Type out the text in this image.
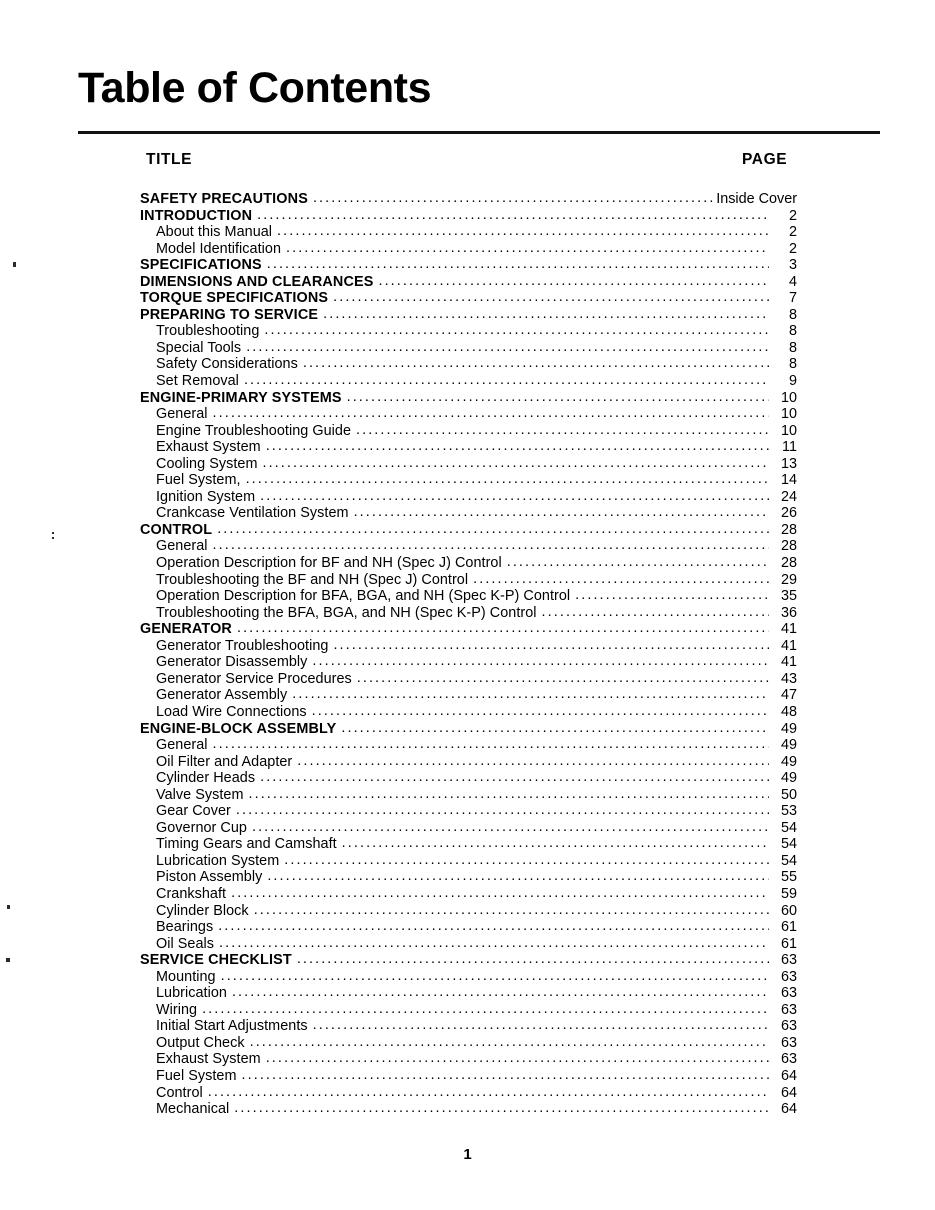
Table of Contents
TITLE	PAGE
SAFETY PRECAUTIONS .....	Inside Cover
INTRODUCTION .....	2
About this Manual .....	2
Model Identification .....	2
SPECIFICATIONS .....	3
DIMENSIONS AND CLEARANCES .....	4
TORQUE SPECIFICATIONS .....	7
PREPARING TO SERVICE .....	8
Troubleshooting .....	8
Special Tools .....	8
Safety Considerations .....	8
Set Removal .....	9
ENGINE-PRIMARY SYSTEMS .....	10
General .....	10
Engine Troubleshooting Guide .....	10
Exhaust System .....	11
Cooling System .....	13
Fuel System, .....	14
Ignition System .....	24
Crankcase Ventilation System .....	26
CONTROL .....	28
General .....	28
Operation Description for BF and NH (Spec J) Control .....	28
Troubleshooting the BF and NH (Spec J) Control .....	29
Operation Description for BFA, BGA, and NH (Spec K-P) Control .....	35
Troubleshooting the BFA, BGA, and NH (Spec K-P) Control .....	36
GENERATOR .....	41
Generator Troubleshooting .....	41
Generator Disassembly .....	41
Generator Service Procedures .....	43
Generator Assembly .....	47
Load Wire Connections .....	48
ENGINE-BLOCK ASSEMBLY .....	49
General .....	49
Oil Filter and Adapter .....	49
Cylinder Heads .....	49
Valve System .....	50
Gear Cover .....	53
Governor Cup .....	54
Timing Gears and Camshaft .....	54
Lubrication System .....	54
Piston Assembly .....	55
Crankshaft .....	59
Cylinder Block .....	60
Bearings .....	61
Oil Seals .....	61
SERVICE CHECKLIST .....	63
Mounting .....	63
Lubrication .....	63
Wiring .....	63
Initial Start Adjustments .....	63
Output Check .....	63
Exhaust System .....	63
Fuel System .....	64
Control .....	64
Mechanical .....	64
1
